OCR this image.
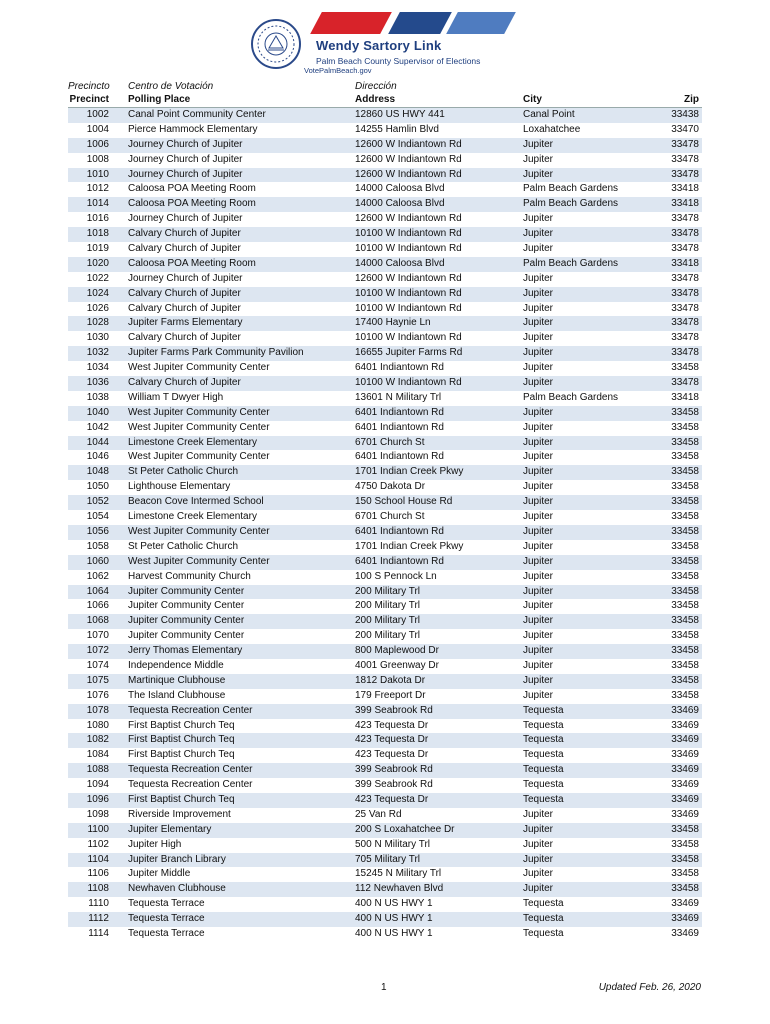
Wendy Sartory Link
Palm Beach County Supervisor of Elections
VotePalmBeach.gov
Precincto Centro de Votación	Dirección
Precinct Polling Place	Address	City	Zip
1002 Canal Point Community Center	12860 US HWY 441	Canal Point	33438
1004 Pierce Hammock Elementary	14255 Hamlin Blvd	Loxahatchee	33470
1006 Journey Church of Jupiter	12600 W Indiantown Rd	Jupiter	33478
1008 Journey Church of Jupiter	12600 W Indiantown Rd	Jupiter	33478
1010 Journey Church of Jupiter	12600 W Indiantown Rd	Jupiter	33478
1012 Caloosa POA Meeting Room	14000 Caloosa Blvd	Palm Beach Gardens	33418
1014 Caloosa POA Meeting Room	14000 Caloosa Blvd	Palm Beach Gardens	33418
1016 Journey Church of Jupiter	12600 W Indiantown Rd	Jupiter	33478
1018 Calvary Church of Jupiter	10100 W Indiantown Rd	Jupiter	33478
1019 Calvary Church of Jupiter	10100 W Indiantown Rd	Jupiter	33478
1020 Caloosa POA Meeting Room	14000 Caloosa Blvd	Palm Beach Gardens	33418
1022 Journey Church of Jupiter	12600 W Indiantown Rd	Jupiter	33478
1024 Calvary Church of Jupiter	10100 W Indiantown Rd	Jupiter	33478
1026 Calvary Church of Jupiter	10100 W Indiantown Rd	Jupiter	33478
1028 Jupiter Farms Elementary	17400 Haynie Ln	Jupiter	33478
1030 Calvary Church of Jupiter	10100 W Indiantown Rd	Jupiter	33478
1032 Jupiter Farms Park Community Pavilion	16655 Jupiter Farms Rd	Jupiter	33478
1034 West Jupiter Community Center	6401 Indiantown Rd	Jupiter	33458
1036 Calvary Church of Jupiter	10100 W Indiantown Rd	Jupiter	33478
1038 William T Dwyer High	13601 N Military Trl	Palm Beach Gardens	33418
1040 West Jupiter Community Center	6401 Indiantown Rd	Jupiter	33458
1042 West Jupiter Community Center	6401 Indiantown Rd	Jupiter	33458
1044 Limestone Creek Elementary	6701 Church St	Jupiter	33458
1046 West Jupiter Community Center	6401 Indiantown Rd	Jupiter	33458
1048 St Peter Catholic Church	1701 Indian Creek Pkwy	Jupiter	33458
1050 Lighthouse Elementary	4750 Dakota Dr	Jupiter	33458
1052 Beacon Cove Intermed School	150 School House Rd	Jupiter	33458
1054 Limestone Creek Elementary	6701 Church St	Jupiter	33458
1056 West Jupiter Community Center	6401 Indiantown Rd	Jupiter	33458
1058 St Peter Catholic Church	1701 Indian Creek Pkwy	Jupiter	33458
1060 West Jupiter Community Center	6401 Indiantown Rd	Jupiter	33458
1062 Harvest Community Church	100 S Pennock Ln	Jupiter	33458
1064 Jupiter Community Center	200 Military Trl	Jupiter	33458
1066 Jupiter Community Center	200 Military Trl	Jupiter	33458
1068 Jupiter Community Center	200 Military Trl	Jupiter	33458
1070 Jupiter Community Center	200 Military Trl	Jupiter	33458
1072 Jerry Thomas Elementary	800 Maplewood Dr	Jupiter	33458
1074 Independence Middle	4001 Greenway Dr	Jupiter	33458
1075 Martinique Clubhouse	1812 Dakota Dr	Jupiter	33458
1076 The Island Clubhouse	179 Freeport Dr	Jupiter	33458
1078 Tequesta Recreation Center	399 Seabrook Rd	Tequesta	33469
1080 First Baptist Church Teq	423 Tequesta Dr	Tequesta	33469
1082 First Baptist Church Teq	423 Tequesta Dr	Tequesta	33469
1084 First Baptist Church Teq	423 Tequesta Dr	Tequesta	33469
1088 Tequesta Recreation Center	399 Seabrook Rd	Tequesta	33469
1094 Tequesta Recreation Center	399 Seabrook Rd	Tequesta	33469
1096 First Baptist Church Teq	423 Tequesta Dr	Tequesta	33469
1098 Riverside Improvement	25 Van Rd	Jupiter	33469
1100 Jupiter Elementary	200 S Loxahatchee Dr	Jupiter	33458
1102 Jupiter High	500 N Military Trl	Jupiter	33458
1104 Jupiter Branch Library	705 Military Trl	Jupiter	33458
1106 Jupiter Middle	15245 N Military Trl	Jupiter	33458
1108 Newhaven Clubhouse	112 Newhaven Blvd	Jupiter	33458
1110 Tequesta Terrace	400 N US HWY 1	Tequesta	33469
1112 Tequesta Terrace	400 N US HWY 1	Tequesta	33469
1114 Tequesta Terrace	400 N US HWY 1	Tequesta	33469
1	Updated Feb. 26, 2020
